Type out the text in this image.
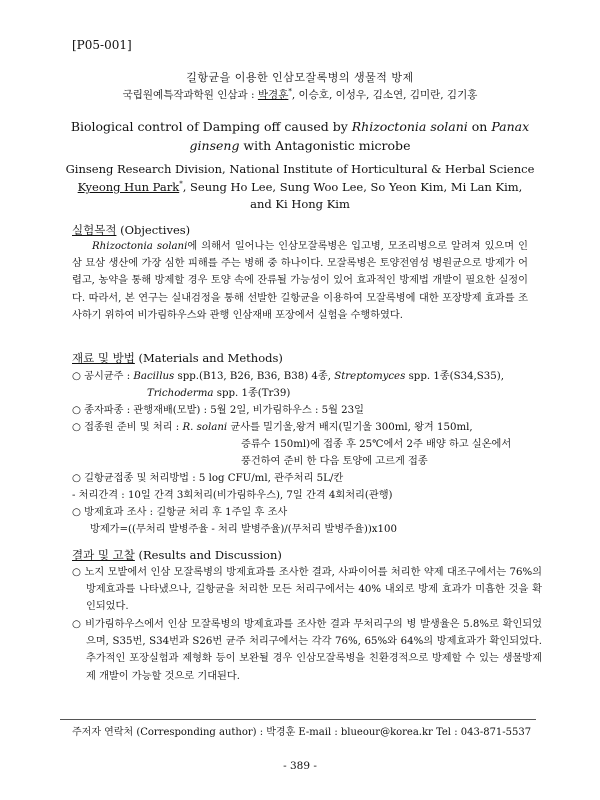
[P05-001]
길항균을 이용한 인삼모잘록병의 생물적 방제
국립원예특작과학원 인삼과 : 박경훈*, 이승호, 이성우, 김소연, 김미란, 김기홍
Biological control of Damping off caused by Rhizoctonia solani on Panax ginseng with Antagonistic microbe
Ginseng Research Division, National Institute of Horticultural & Herbal Science
Kyeong Hun Park*, Seung Ho Lee, Sung Woo Lee, So Yeon Kim, Mi Lan Kim,
and Ki Hong Kim
실험목적 (Objectives)
Rhizoctonia solani에 의해서 일어나는 인삼모잘록병은 입고병, 모조리병으로 알려져 있으며 인삼 묘삼 생산에 가장 심한 피해를 주는 병해 중 하나이다. 모잘록병은 토양전염성 병원균으로 방제가 어렵고, 농약을 통해 방제할 경우 토양 속에 잔류될 가능성이 있어 효과적인 방제법 개발이 필요한 실정이다. 따라서, 본 연구는 실내검정을 통해 선발한 길항균을 이용하여 모잘록병에 대한 포장방제 효과를 조사하기 위하여 비가림하우스와 관행 인삼재배 포장에서 실험을 수행하였다.
재료 및 방법 (Materials and Methods)
○ 공시균주 : Bacillus spp.(B13, B26, B36, B38) 4종, Streptomyces spp. 1종(S34,S35),
Trichoderma spp. 1종(Tr39)
○ 종자파종 : 관행재배(모밭) : 5월 2일, 비가림하우스 : 5월 23일
○ 접종원 준비 및 처리 : R. solani 균사를 밀기울,왕겨 배지(밀기울 300ml, 왕겨 150ml,
증류수 150ml)에 접종 후 25℃에서 2주 배양 하고 실온에서
풍건하여 준비 한 다음 토양에 고르게 접종
○ 길항균접종 및 처리방법 : 5 log CFU/ml, 관주처리 5L/칸
- 처리간격 : 10일 간격 3회처리(비가림하우스), 7일 간격 4회처리(관행)
○ 방제효과 조사 : 길항균 처리 후 1주일 후 조사
방제가=((무처리 발병주율 - 처리 발병주율)/(무처리 발병주율))x100
결과 및 고찰 (Results and Discussion)
○ 노지 모밭에서 인삼 모잘록병의 방제효과를 조사한 결과, 사파이어를 처리한 약제 대조구에서는 76%의 방제효과를 나타냈으나, 길항균을 처리한 모든 처리구에서는 40% 내외로 방제 효과가 미흡한 것을 확인되었다.
○ 비가림하우스에서 인삼 모잘록병의 방제효과를 조사한 결과 무처리구의 병 발생율은 5.8%로 확인되었으며, S35번, S34번과 S26번 균주 처리구에서는 각각 76%, 65%와 64%의 방제효과가 확인되었다. 추가적인 포장실험과 제형화 등이 보완될 경우 인삼모잘록병을 친환경적으로 방제할 수 있는 생물방제제 개발이 가능할 것으로 기대된다.
주저자 연락처 (Corresponding author) : 박경훈 E-mail : blueour@korea.kr Tel : 043-871-5537
- 389 -
